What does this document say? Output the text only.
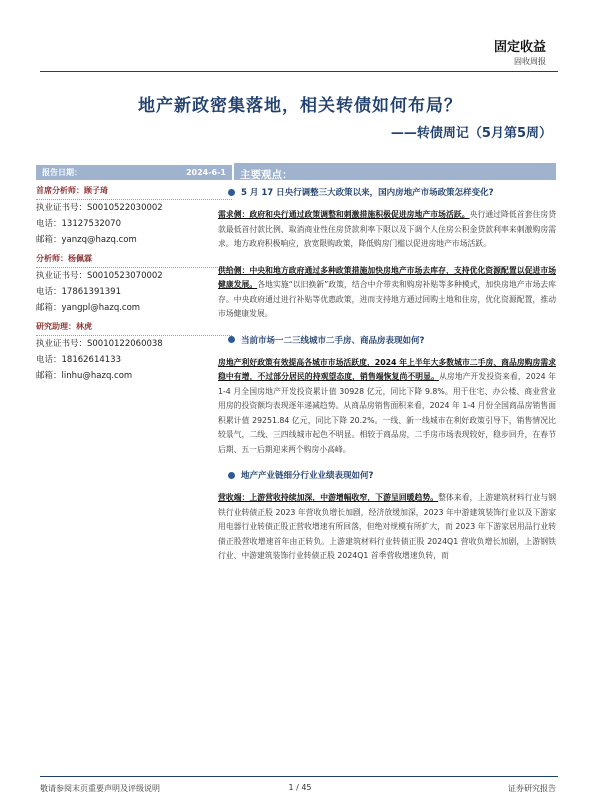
固定收益
固收周报
地产新政密集落地，相关转债如何布局？
——转债周记（5月第5周）
报告日期：	2024-6-1
首席分析师：顾子琦
执业证书号：S0010522030002
电话：13127532070
邮箱：yanzq@hazq.com
分析师：杨佩霖
执业证书号：S0010523070002
电话：17861391391
邮箱：yangpl@hazq.com
研究助理：林虎
执业证书号：S0010122060038
电话：18162614133
邮箱：linhu@hazq.com
主要观点：
5 月 17 日央行调整三大政策以来，国内房地产市场政策怎样变化?
需求侧：政府和央行通过政策调整和刺激措施积极促进房地产市场活跃。央行通过降低首套住房贷款最低首付款比例、取消商业性住房贷款利率下限以及下调个人住房公积金贷款利率来刺激购房需求。地方政府积极响应，放宽限购政策，降低购房门槛以促进房地产市场活跃。
供给侧：中央和地方政府通过多种政策措施加快房地产市场去库存，支持优化资源配置以促进市场健康发展。各地实施“以旧换新”政策，结合中介带卖和购房补贴等多种模式，加快房地产市场去库存。中央政府通过进行补贴等优惠政策，进而支持地方通过回购土地和住房，优化资源配置，推动市场健康发展。
当前市场一二三线城市二手房、商品房表现如何?
房地产利好政策有效提高各城市市场活跃度，2024 年上半年大多数城市二手房、商品房购房需求稳中有增，不过部分居民的持观望态度，销售端恢复尚不明显。从房地产开发投资来看，2024 年 1-4 月全国房地产开发投资累计值 30928 亿元，同比下降 9.8%。用于住宅、办公楼、商业营业用房的投资额均表现逐年递减趋势。从商品房销售面积来看，2024 年 1-4 月份全国商品房销售面积累计值 29251.84 亿元，同比下降 20.2%。一线、新一线城市在利好政策引导下，销售情况比较景气，二线、三四线城市起色不明显。相较于商品房，二手房市场表现较好，稳步回升，在春节后期、五一后期迎来两个购房小高峰。
地产产业链细分行业业绩表现如何?
营收端：上游营收持续加深，中游增幅收窄，下游呈回暖趋势。整体来看，上游建筑材料行业与钢铁行业转债正股 2023 年营收负增长加剧，经济放缓加深，2023 年中游建筑装饰行业以及下游家用电器行业转债正股正营收增速有所回落，但绝对规模有所扩大，而 2023 年下游家居用品行业转债正股营收增速首年由正转负。上游建筑材料行业转债正股 2024Q1 营收负增长加剧，上游钢铁行业、中游建筑装饰行业转债正股 2024Q1 首季营收增速负转，而
敬请参阅末页重要声明及评级说明	1 / 45	证券研究报告
